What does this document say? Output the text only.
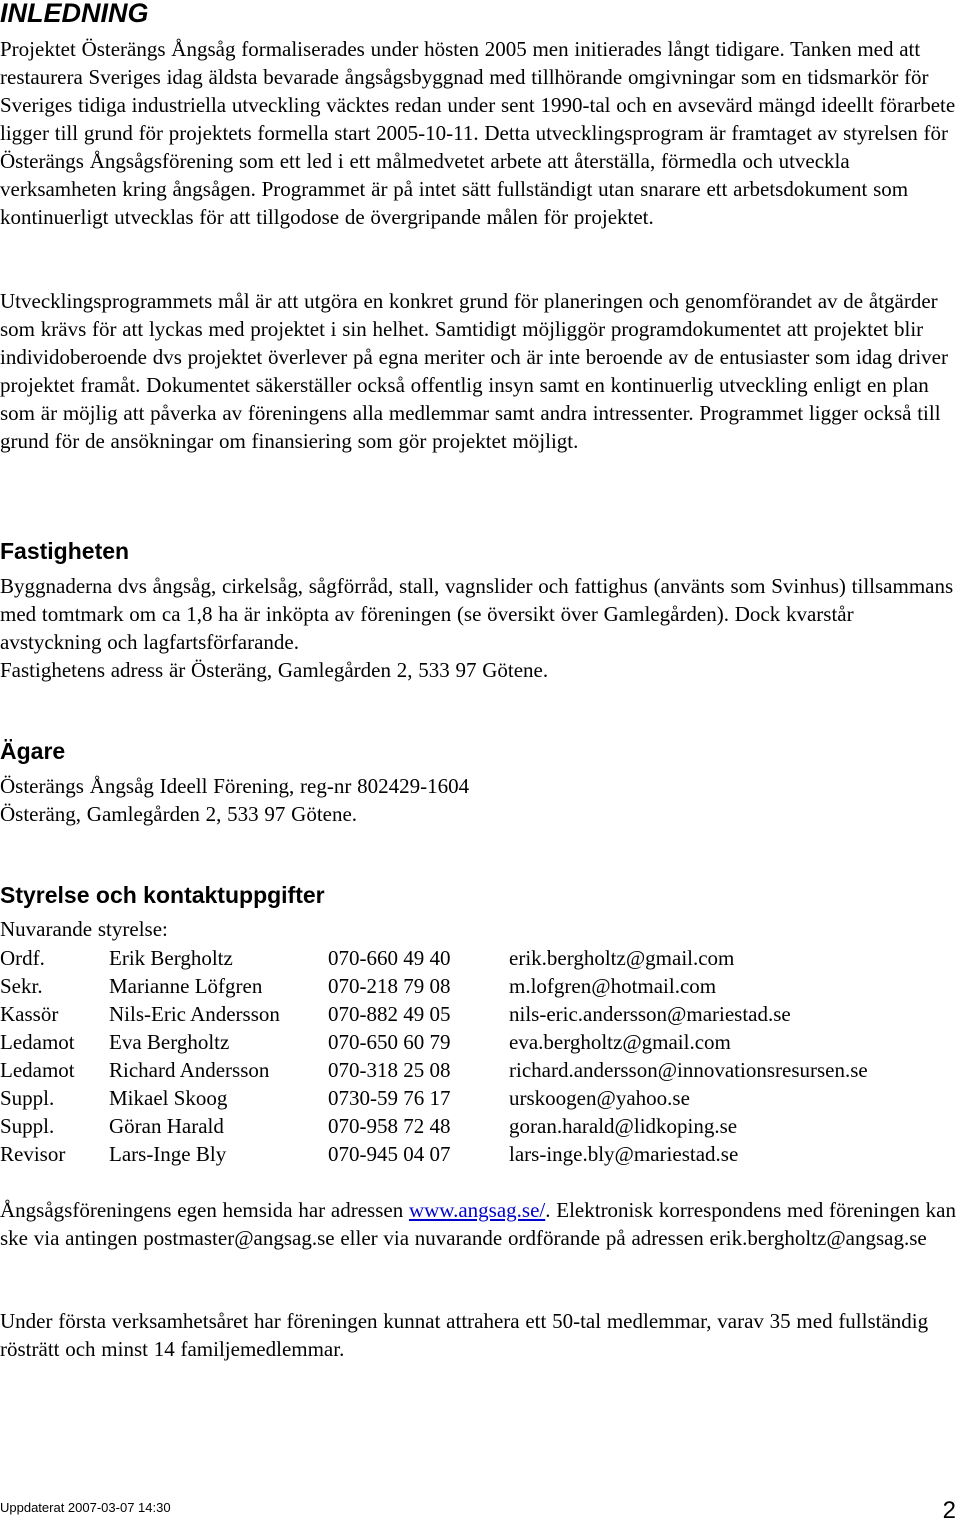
INLEDNING

Projektet Österängs Ångsåg formaliserades under hösten 2005 men initierades långt tidigare. Tanken med att restaurera Sveriges idag äldsta bevarade ångsågsbyggnad med tillhörande omgivningar som en tidsmarkör för Sveriges tidiga industriella utveckling väcktes redan under sent 1990-tal och en avsevärd mängd ideellt förarbete ligger till grund för projektets formella start 2005-10-11. Detta utvecklingsprogram är framtaget av styrelsen för Österängs Ångsågsförening som ett led i ett målmedvetet arbete att återställa, förmedla och utveckla verksamheten kring ångsågen. Programmet är på intet sätt fullständigt utan snarare ett arbetsdokument som kontinuerligt utvecklas för att tillgodose de övergripande målen för projektet.

Utvecklingsprogrammets mål är att utgöra en konkret grund för planeringen och genomförandet av de åtgärder som krävs för att lyckas med projektet i sin helhet. Samtidigt möjliggör programdokumentet att projektet blir individoberoende dvs projektet överlever på egna meriter och är inte beroende av de entusiaster som idag driver projektet framåt. Dokumentet säkerställer också offentlig insyn samt en kontinuerlig utveckling enligt en plan som är möjlig att påverka av föreningens alla medlemmar samt andra intressenter. Programmet ligger också till grund för de ansökningar om finansiering som gör projektet möjligt.

Fastigheten

Byggnaderna dvs ångsåg, cirkelsåg, sågförråd, stall, vagnslider och fattighus (använts som Svinhus) tillsammans med tomtmark om ca 1,8 ha är inköpta av föreningen (se översikt över Gamlegården). Dock kvarstår avstyckning och lagfartsförfarande.
Fastighetens adress är Österäng, Gamlegården 2, 533 97 Götene.

Ägare

Österängs Ångsåg Ideell Förening, reg-nr 802429-1604
Österäng, Gamlegården 2, 533 97 Götene.

Styrelse och kontaktuppgifter

Nuvarande styrelse:

Ordf.	Erik Bergholtz	070-660 49 40	erik.bergholtz@gmail.com
Sekr.	Marianne Löfgren	070-218 79 08	m.lofgren@hotmail.com
Kassör Nils-Eric Andersson 070-882 49 05	nils-eric.andersson@mariestad.se
Ledamot Eva Bergholtz	070-650 60 79	eva.bergholtz@gmail.com
Ledamot Richard Andersson	070-318 25 08	richard.andersson@innovationsresursen.se
Suppl.	Mikael Skoog	0730-59 76 17	urskoogen@yahoo.se
Suppl.	Göran Harald	070-958 72 48	goran.harald@lidkoping.se
Revisor Lars-Inge Bly	070-945 04 07	lars-inge.bly@mariestad.se

Ångsågsföreningens egen hemsida har adressen www.angsag.se/. Elektronisk korrespondens med föreningen kan ske via antingen postmaster@angsag.se eller via nuvarande ordförande på adressen erik.bergholtz@angsag.se

Under första verksamhetsåret har föreningen kunnat attrahera ett 50-tal medlemmar, varav 35 med fullständig rösträtt och minst 14 familjemedlemmar.

Uppdaterat 2007-03-07 14:30	2
